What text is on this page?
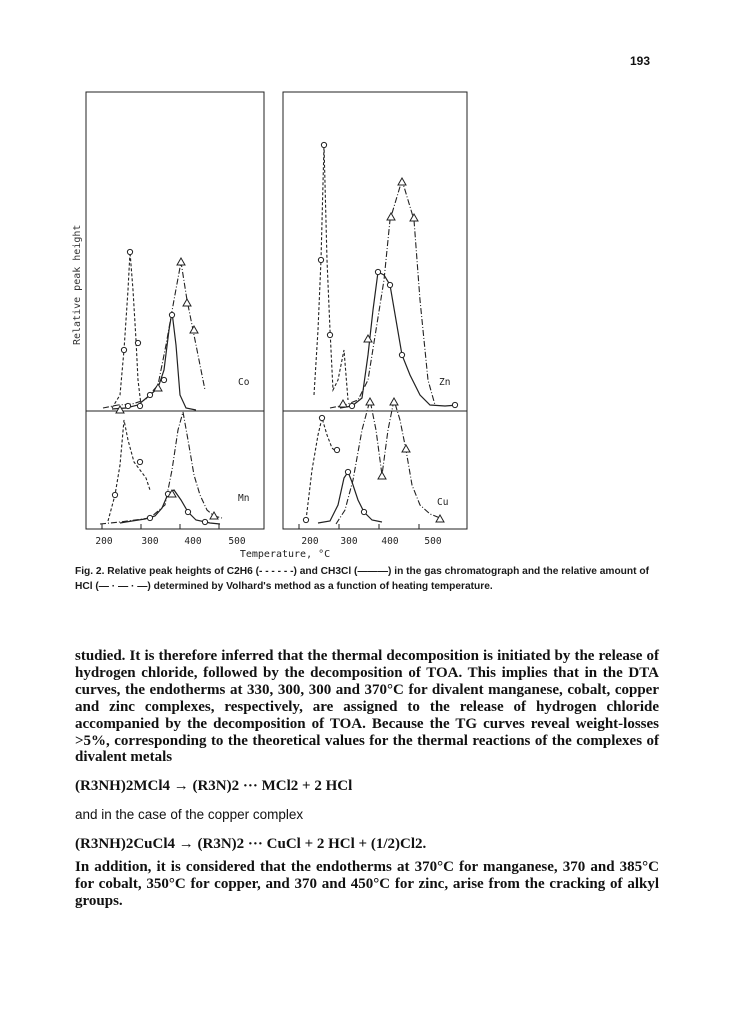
193
Relative peak height
200	300	400	500	200 300	400	500
Temperature, °C
Co
Mn
Zn
Cu
Fig. 2. Relative peak heights of C2H6 (- - - - - -) and CH3Cl (———) in the gas chromatograph and the relative amount of HCl (— · — · —) determined by Volhard's method as a function of heating temperature.

studied. It is therefore inferred that the thermal decomposition is initiated by the release of hydrogen chloride, followed by the decomposition of TOA. This implies that in the DTA curves, the endotherms at 330, 300, 300 and 370°C for divalent manganese, cobalt, copper and zinc complexes, respectively, are assigned to the release of hydrogen chloride accompanied by the decomposition of TOA. Because the TG curves reveal weight-losses >5%, corresponding to the theoretical values for the thermal reactions of the complexes of divalent metals

(R3NH)2MCl4 → (R3N)2 ··· MCl2 + 2 HCl

and in the case of the copper complex

(R3NH)2CuCl4 → (R3N)2 ··· CuCl + 2 HCl + (1/2)Cl2.

In addition, it is considered that the endotherms at 370°C for manganese, 370 and 385°C for cobalt, 350°C for copper, and 370 and 450°C for zinc, arise from the cracking of alkyl groups.
